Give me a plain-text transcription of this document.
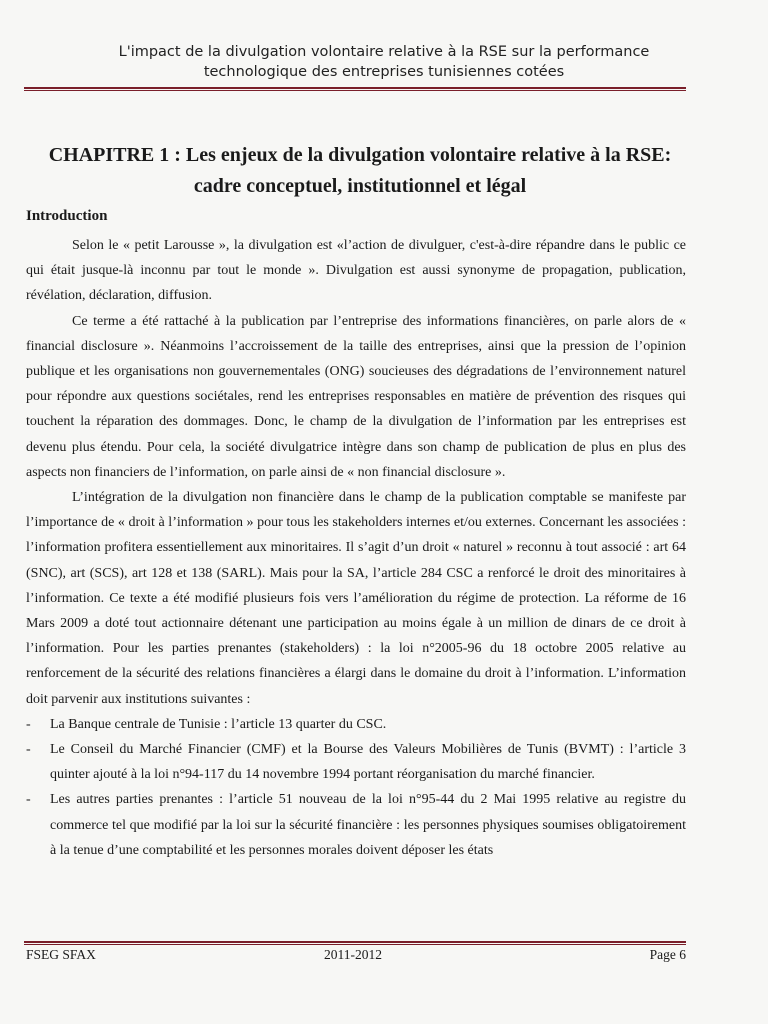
L'impact de la divulgation volontaire relative à la RSE sur la performance
technologique des entreprises tunisiennes cotées
CHAPITRE 1 : Les enjeux de la divulgation volontaire relative à la RSE:
cadre conceptuel, institutionnel et légal
Introduction

Selon le « petit Larousse », la divulgation est «l’action de divulguer, c'est-à-dire répandre dans le public ce qui était jusque-là inconnu par tout le monde ». Divulgation est aussi synonyme de propagation, publication, révélation, déclaration, diffusion.

Ce terme a été rattaché à la publication par l’entreprise des informations financières, on parle alors de « financial disclosure ». Néanmoins l’accroissement de la taille des entreprises, ainsi que la pression de l’opinion publique et les organisations non gouvernementales (ONG) soucieuses des dégradations de l’environnement naturel pour répondre aux questions sociétales, rend les entreprises responsables en matière de prévention des risques qui touchent la réparation des dommages. Donc, le champ de la divulgation de l’information par les entreprises est devenu plus étendu. Pour cela, la société divulgatrice intègre dans son champ de publication de plus en plus des aspects non financiers de l’information, on parle ainsi de « non financial disclosure ».

L’intégration de la divulgation non financière dans le champ de la publication comptable se manifeste par l’importance de « droit à l’information » pour tous les stakeholders internes et/ou externes. Concernant les associées : l’information profitera essentiellement aux minoritaires. Il s’agit d’un droit « naturel » reconnu à tout associé : art 64 (SNC), art (SCS), art 128 et 138 (SARL). Mais pour la SA, l’article 284 CSC a renforcé le droit des minoritaires à l’information. Ce texte a été modifié plusieurs fois vers l’amélioration du régime de protection. La réforme de 16 Mars 2009 a doté tout actionnaire détenant une participation au moins égale à un million de dinars de ce droit à l’information. Pour les parties prenantes (stakeholders) : la loi n°2005-96 du 18 octobre 2005 relative au renforcement de la sécurité des relations financières a élargi dans le domaine du droit à l’information. L’information doit parvenir aux institutions suivantes :

- La Banque centrale de Tunisie : l’article 13 quarter du CSC.
- Le Conseil du Marché Financier (CMF) et la Bourse des Valeurs Mobilières de Tunis (BVMT) : l’article 3 quinter ajouté à la loi n°94-117 du 14 novembre 1994 portant réorganisation du marché financier.
- Les autres parties prenantes : l’article 51 nouveau de la loi n°95-44 du 2 Mai 1995 relative au registre du commerce tel que modifié par la loi sur la sécurité financière : les personnes physiques soumises obligatoirement à la tenue d’une comptabilité et les personnes morales doivent déposer les états
FSEG SFAX	2011-2012	Page 6
